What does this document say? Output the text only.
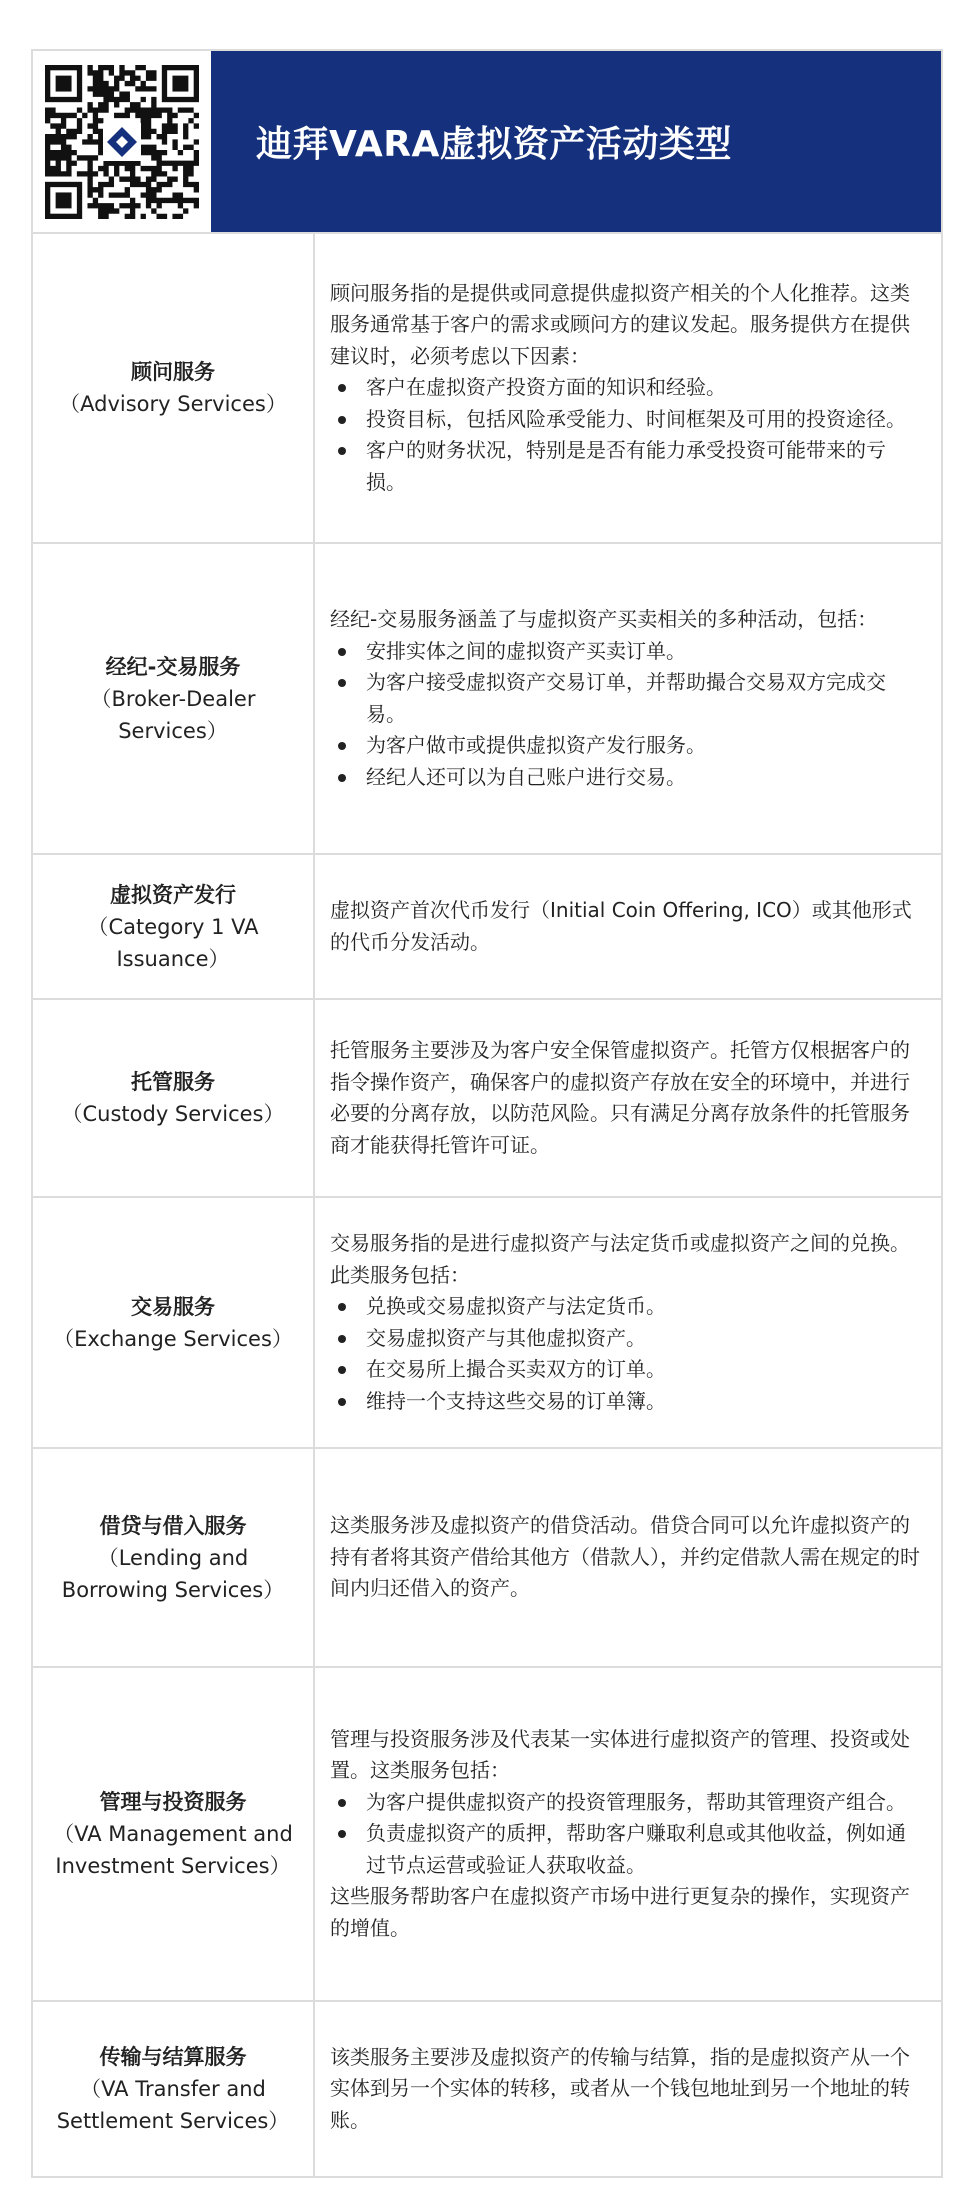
迪拜VARA虚拟资产活动类型
顾问服务
（Advisory Services）

顾问服务指的是提供或同意提供虚拟资产相关的个人化推荐。这类服务通常基于客户的需求或顾问方的建议发起。服务提供方在提供建议时，必须考虑以下因素：

客户在虚拟资产投资方面的知识和经验。
投资目标，包括风险承受能力、时间框架及可用的投资途径。
客户的财务状况，特别是是否有能力承受投资可能带来的亏损。
经纪-交易服务
（Broker-Dealer Services）

经纪-交易服务涵盖了与虚拟资产买卖相关的多种活动，包括：

安排实体之间的虚拟资产买卖订单。
为客户接受虚拟资产交易订单，并帮助撮合交易双方完成交易。
为客户做市或提供虚拟资产发行服务。
经纪人还可以为自己账户进行交易。
虚拟资产发行
（Category 1 VA Issuance）

虚拟资产首次代币发行（Initial Coin Offering, ICO）或其他形式的代币分发活动。

托管服务
（Custody Services）

托管服务主要涉及为客户安全保管虚拟资产。托管方仅根据客户的指令操作资产，确保客户的虚拟资产存放在安全的环境中，并进行必要的分离存放，以防范风险。只有满足分离存放条件的托管服务商才能获得托管许可证。

交易服务
（Exchange Services）

交易服务指的是进行虚拟资产与法定货币或虚拟资产之间的兑换。此类服务包括：

兑换或交易虚拟资产与法定货币。
交易虚拟资产与其他虚拟资产。
在交易所上撮合买卖双方的订单。
维持一个支持这些交易的订单簿。
借贷与借入服务
（Lending and Borrowing Services）

这类服务涉及虚拟资产的借贷活动。借贷合同可以允许虚拟资产的持有者将其资产借给其他方（借款人），并约定借款人需在规定的时间内归还借入的资产。

管理与投资服务
（VA Management and Investment Services）

管理与投资服务涉及代表某一实体进行虚拟资产的管理、投资或处置。这类服务包括：

为客户提供虚拟资产的投资管理服务，帮助其管理资产组合。
负责虚拟资产的质押，帮助客户赚取利息或其他收益，例如通过节点运营或验证人获取收益。

这些服务帮助客户在虚拟资产市场中进行更复杂的操作，实现资产的增值。

传输与结算服务
（VA Transfer and Settlement Services）

该类服务主要涉及虚拟资产的传输与结算，指的是虚拟资产从一个实体到另一个实体的转移，或者从一个钱包地址到另一个地址的转账。
